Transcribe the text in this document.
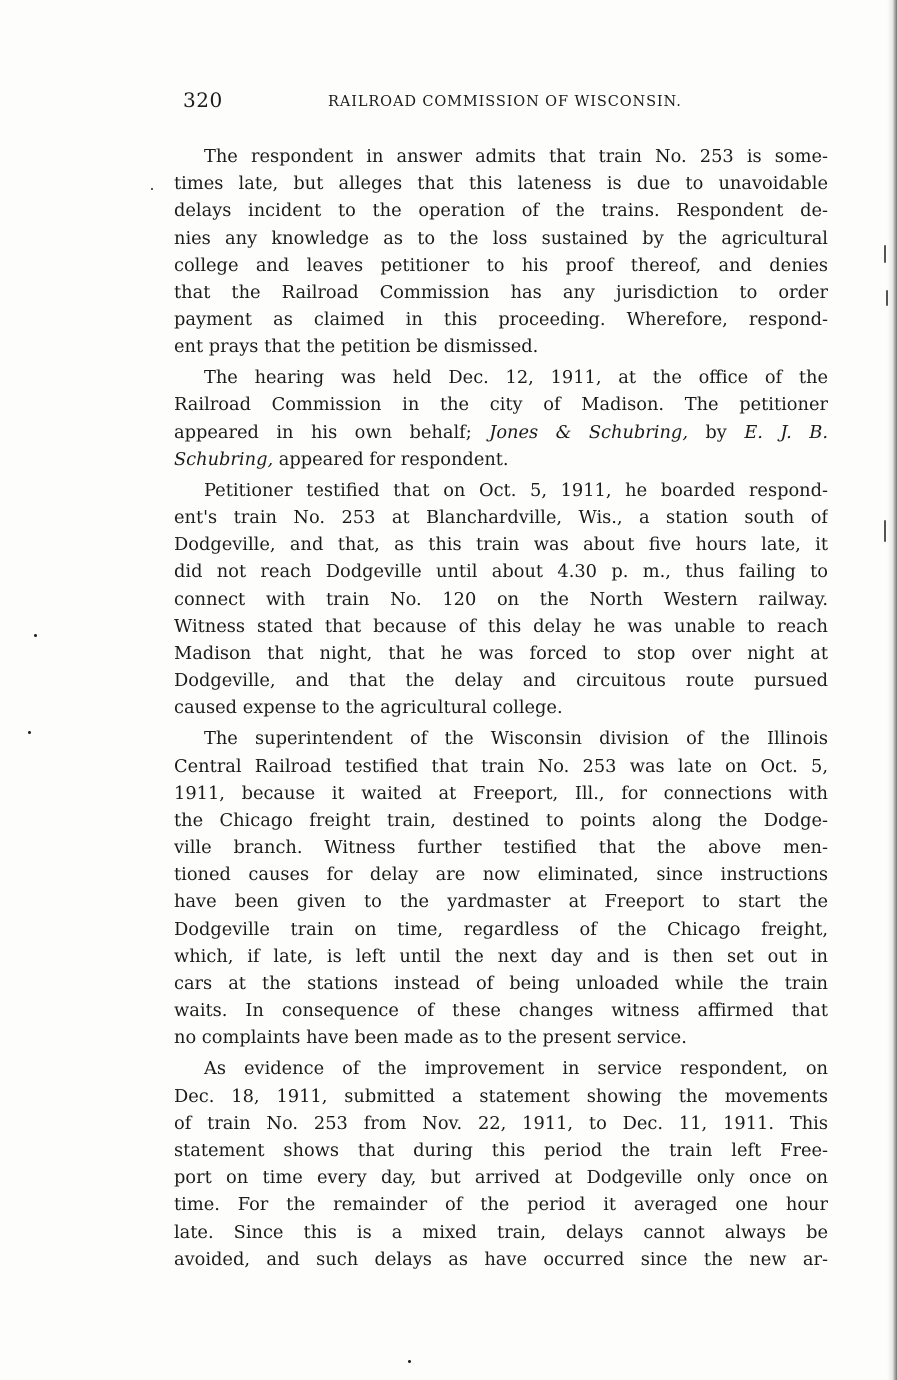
320	RAILROAD COMMISSION OF WISCONSIN.

The respondent in answer admits that train No. 253 is some-
times late, but alleges that this lateness is due to unavoidable
delays incident to the operation of the trains. Respondent de-
nies any knowledge as to the loss sustained by the agricultural
college and leaves petitioner to his proof thereof, and denies
that the Railroad Commission has any jurisdiction to order
payment as claimed in this proceeding. Wherefore, respond-
ent prays that the petition be dismissed.

The hearing was held Dec. 12, 1911, at the office of the
Railroad Commission in the city of Madison. The petitioner
appeared in his own behalf; Jones & Schubring, by E. J. B.
Schubring, appeared for respondent.

Petitioner testified that on Oct. 5, 1911, he boarded respond-
ent's train No. 253 at Blanchardville, Wis., a station south of
Dodgeville, and that, as this train was about five hours late, it
did not reach Dodgeville until about 4.30 p. m., thus failing to
connect with train No. 120 on the North Western railway.
Witness stated that because of this delay he was unable to reach
Madison that night, that he was forced to stop over night at
Dodgeville, and that the delay and circuitous route pursued
caused expense to the agricultural college.

The superintendent of the Wisconsin division of the Illinois
Central Railroad testified that train No. 253 was late on Oct. 5,
1911, because it waited at Freeport, Ill., for connections with
the Chicago freight train, destined to points along the Dodge-
ville branch. Witness further testified that the above men-
tioned causes for delay are now eliminated, since instructions
have been given to the yardmaster at Freeport to start the
Dodgeville train on time, regardless of the Chicago freight,
which, if late, is left until the next day and is then set out in
cars at the stations instead of being unloaded while the train
waits. In consequence of these changes witness affirmed that
no complaints have been made as to the present service.

As evidence of the improvement in service respondent, on
Dec. 18, 1911, submitted a statement showing the movements
of train No. 253 from Nov. 22, 1911, to Dec. 11, 1911. This
statement shows that during this period the train left Free-
port on time every day, but arrived at Dodgeville only once on
time. For the remainder of the period it averaged one hour
late. Since this is a mixed train, delays cannot always be
avoided, and such delays as have occurred since the new ar-
